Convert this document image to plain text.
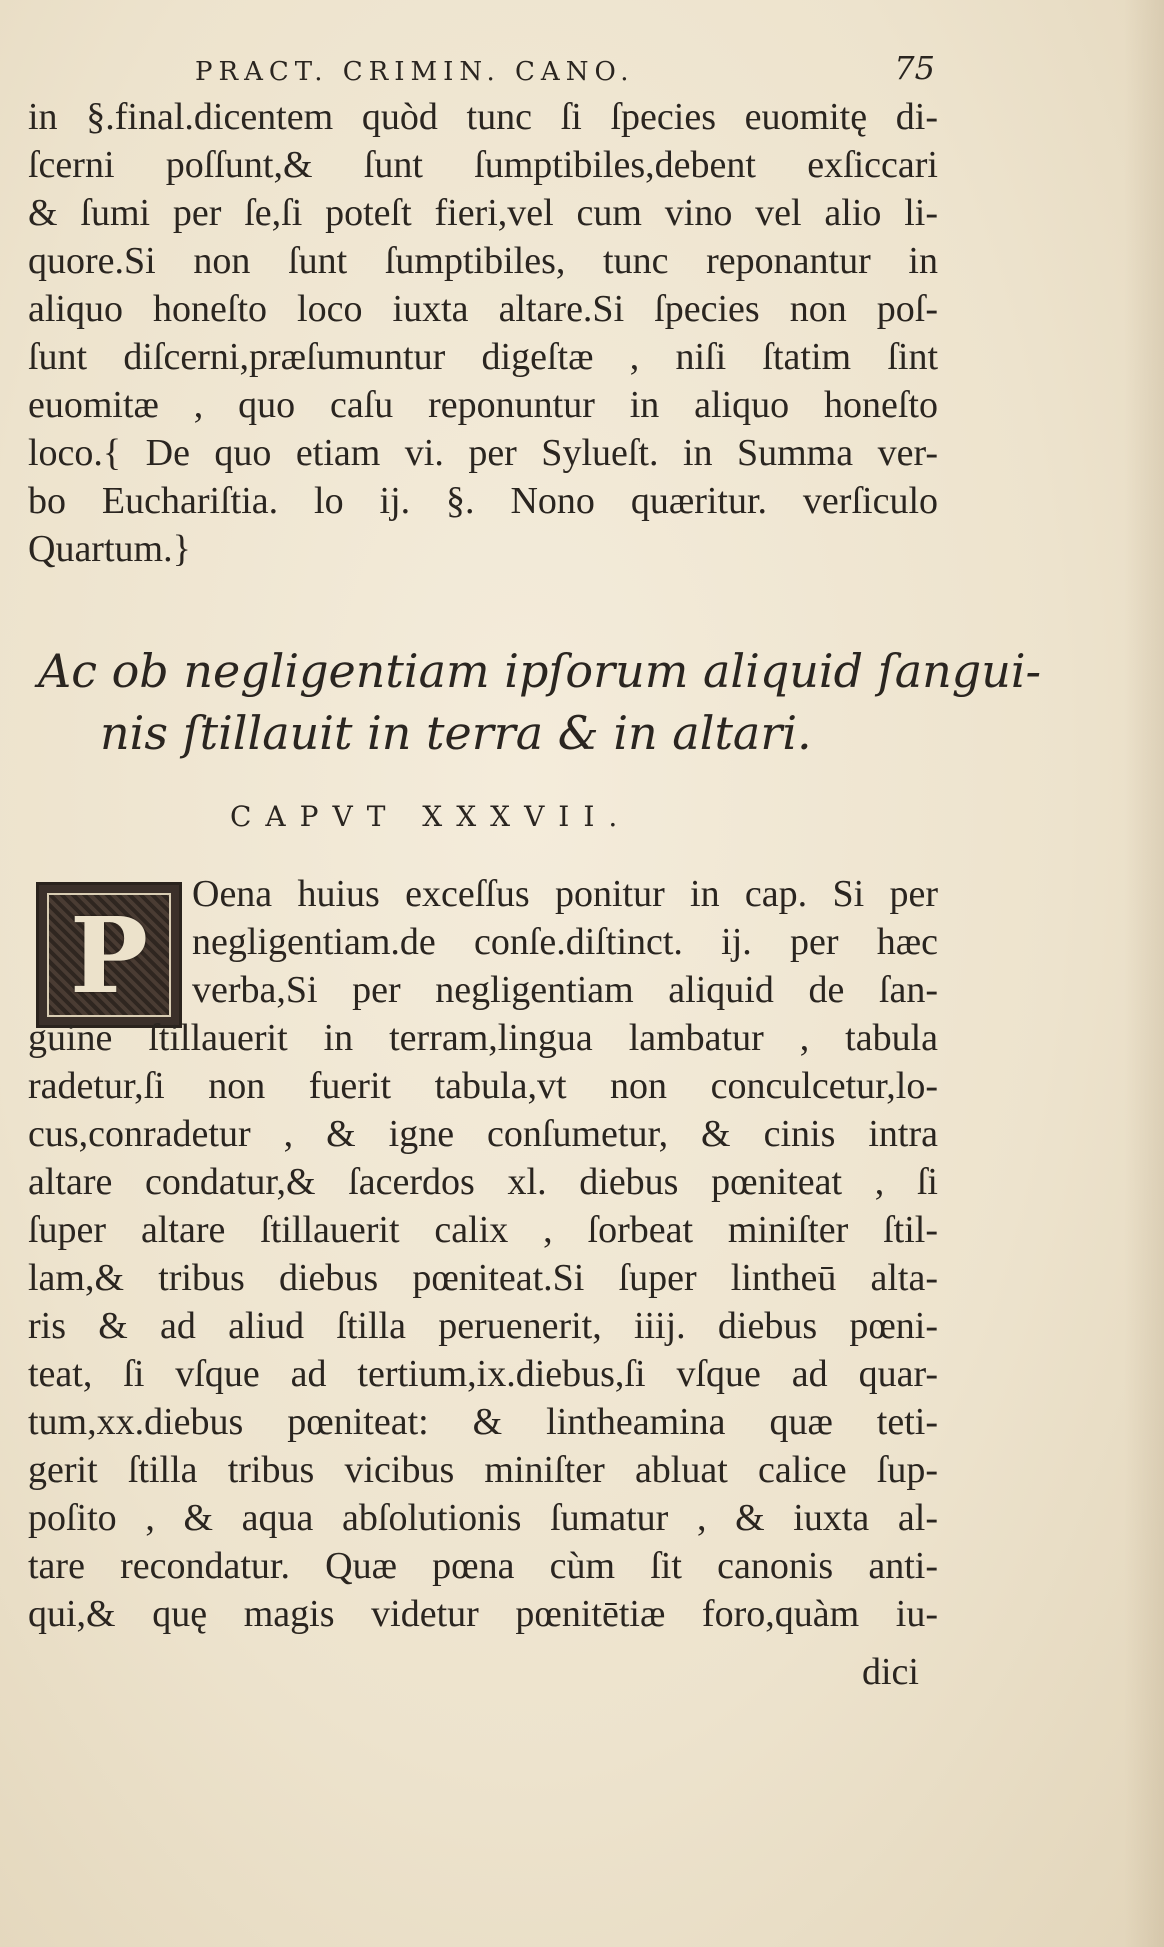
PRACT. CRIMIN. CANO.	75
in §.final.dicentem quòd tunc ſi ſpecies euomitę di-
ſcerni poſſunt,& ſunt ſumptibiles,debent exſiccari
& ſumi per ſe,ſi poteſt fieri,vel cum vino vel alio li-
quore.Si non ſunt ſumptibiles, tunc reponantur in
aliquo honeſto loco iuxta altare.Si ſpecies non poſ-
ſunt diſcerni,præſumuntur digeſtæ , niſi ſtatim ſint
euomitæ , quo caſu reponuntur in aliquo honeſto
loco.{ De quo etiam vi. per Sylueſt. in Summa ver-
bo Euchariſtia. lo ij. §. Nono quæritur. verſiculo
Quartum.}
Ac ob negligentiam ipſorum aliquid ſangui-
nis ſtillauit in terra & in altari.
CAPVT XXXVII.
P	Oena huius exceſſus ponitur in cap. Si per
negligentiam.de conſe.diſtinct. ij. per hæc
verba,Si per negligentiam aliquid de ſan-
guine ſtillauerit in terram,lingua lambatur , tabula
radetur,ſi non fuerit tabula,vt non conculcetur,lo-
cus,conradetur , & igne conſumetur, & cinis intra
altare condatur,& ſacerdos xl. diebus pœniteat , ſi
ſuper altare ſtillauerit calix , ſorbeat miniſter ſtil-
lam,& tribus diebus pœniteat.Si ſuper lintheū alta-
ris & ad aliud ſtilla peruenerit, iiij. diebus pœni-
teat, ſi vſque ad tertium,ix.diebus,ſi vſque ad quar-
tum,xx.diebus pœniteat: & lintheamina quæ teti-
gerit ſtilla tribus vicibus miniſter abluat calice ſup-
poſito , & aqua abſolutionis ſumatur , & iuxta al-
tare recondatur. Quæ pœna cùm ſit canonis anti-
qui,& quę magis videtur pœnitētiæ foro,quàm iu-
dici
